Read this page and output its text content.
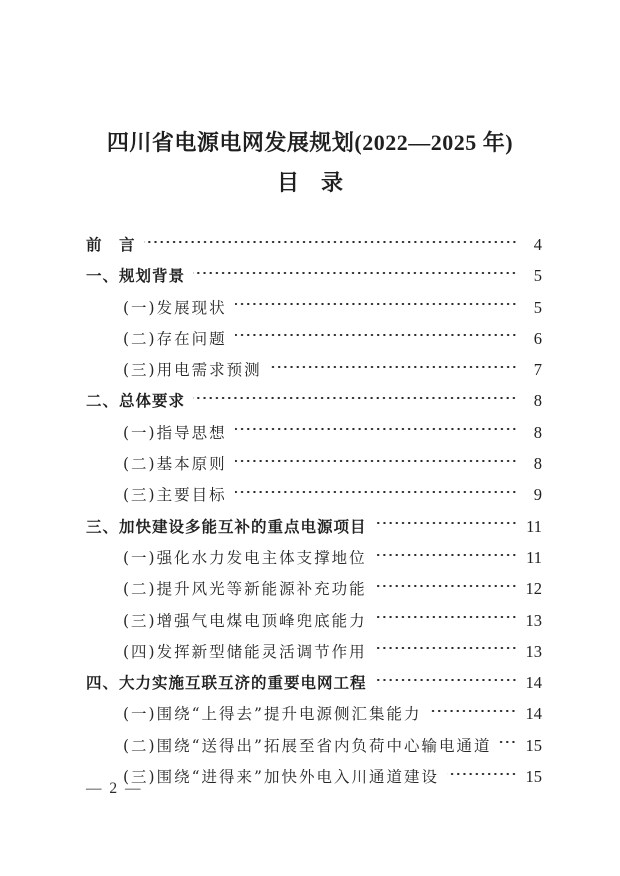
四川省电源电网发展规划(2022—2025 年)
目　录
前　言	4
一、规划背景	5
(一)发展现状	5
(二)存在问题	6
(三)用电需求预测	7
二、总体要求	8
(一)指导思想	8
(二)基本原则	8
(三)主要目标	9
三、加快建设多能互补的重点电源项目	11
(一)强化水力发电主体支撑地位	11
(二)提升风光等新能源补充功能	12
(三)增强气电煤电顶峰兜底能力	13
(四)发挥新型储能灵活调节作用	13
四、大力实施互联互济的重要电网工程	14
(一)围绕“上得去”提升电源侧汇集能力	14
(二)围绕“送得出”拓展至省内负荷中心输电通道 15
(三)围绕“进得来”加快外电入川通道建设	15
— 2 —
